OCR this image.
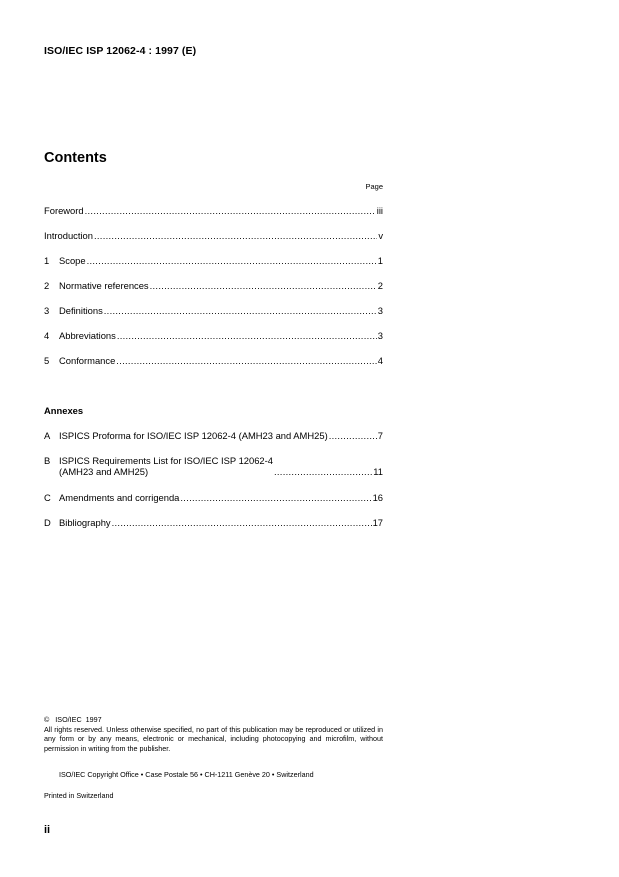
ISO/IEC ISP 12062-4 : 1997 (E)
Contents
Page
Foreword .....	iii
Introduction .....	v
1	Scope .....	1
2	Normative references .....	2
3	Definitions .....	3
4	Abbreviations .....	3
5	Conformance .....	4
Annexes
A ISPICS Proforma for ISO/IEC ISP 12062-4 (AMH23 and AMH25) .....	7
B ISPICS Requirements List for ISO/IEC ISP 12062-4
(AMH23 and AMH25) .....	11
C Amendments and corrigenda .....	16
D Bibliography .....	17
©   ISO/IEC  1997
All rights reserved. Unless otherwise specified, no part of this publication may be reproduced or utilized in any form or by any means, electronic or mechanical, including photocopying and microfilm, without permission in writing from the publisher.
ISO/IEC Copyright Office • Case Postale 56 • CH-1211 Genève 20 • Switzerland
Printed in Switzerland
ii
